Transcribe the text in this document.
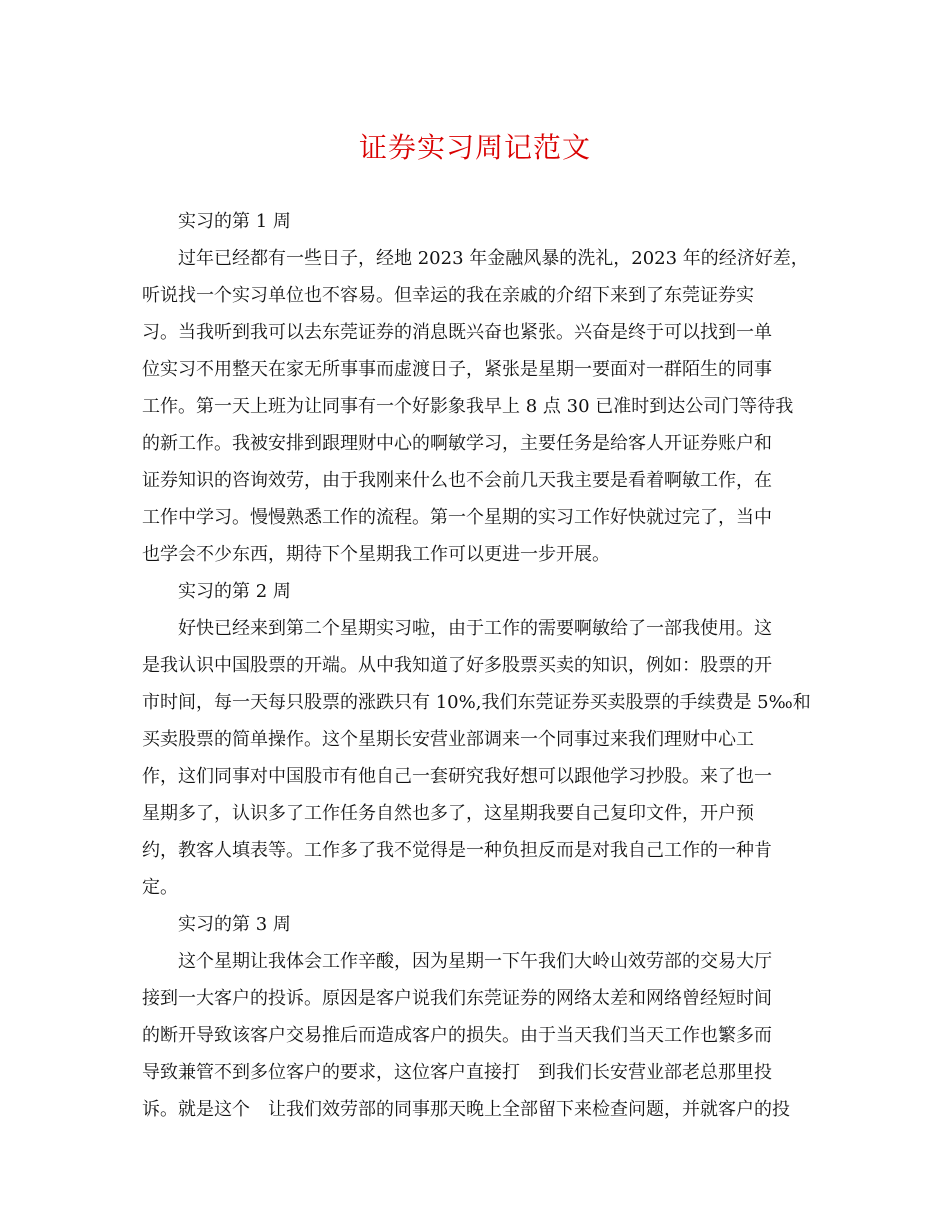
证券实习周记范文
实习的第 1 周
过年已经都有一些日子，经地 2023 年金融风暴的洗礼，2023 年的经济好差，
听说找一个实习单位也不容易。但幸运的我在亲戚的介绍下来到了东莞证券实
习。当我听到我可以去东莞证券的消息既兴奋也紧张。兴奋是终于可以找到一单
位实习不用整天在家无所事事而虚渡日子，紧张是星期一要面对一群陌生的同事
工作。第一天上班为让同事有一个好影象我早上 8 点 30 已准时到达公司门等待我
的新工作。我被安排到跟理财中心的啊敏学习，主要任务是给客人开证券账户和
证券知识的咨询效劳，由于我刚来什么也不会前几天我主要是看着啊敏工作，在
工作中学习。慢慢熟悉工作的流程。第一个星期的实习工作好快就过完了，当中
也学会不少东西，期待下个星期我工作可以更进一步开展。
实习的第 2 周
好快已经来到第二个星期实习啦，由于工作的需要啊敏给了一部我使用。这
是我认识中国股票的开端。从中我知道了好多股票买卖的知识，例如：股票的开
市时间，每一天每只股票的涨跌只有 10%,我们东莞证券买卖股票的手续费是 5‰和
买卖股票的简单操作。这个星期长安营业部调来一个同事过来我们理财中心工
作，这们同事对中国股市有他自己一套研究我好想可以跟他学习抄股。来了也一
星期多了，认识多了工作任务自然也多了，这星期我要自己复印文件，开户预
约，教客人填表等。工作多了我不觉得是一种负担反而是对我自己工作的一种肯
定。
实习的第 3 周
这个星期让我体会工作辛酸，因为星期一下午我们大岭山效劳部的交易大厅
接到一大客户的投诉。原因是客户说我们东莞证券的网络太差和网络曾经短时间
的断开导致该客户交易推后而造成客户的损失。由于当天我们当天工作也繁多而
导致兼管不到多位客户的要求，这位客户直接打　到我们长安营业部老总那里投
诉。就是这个　让我们效劳部的同事那天晚上全部留下来检查问题，并就客户的投
